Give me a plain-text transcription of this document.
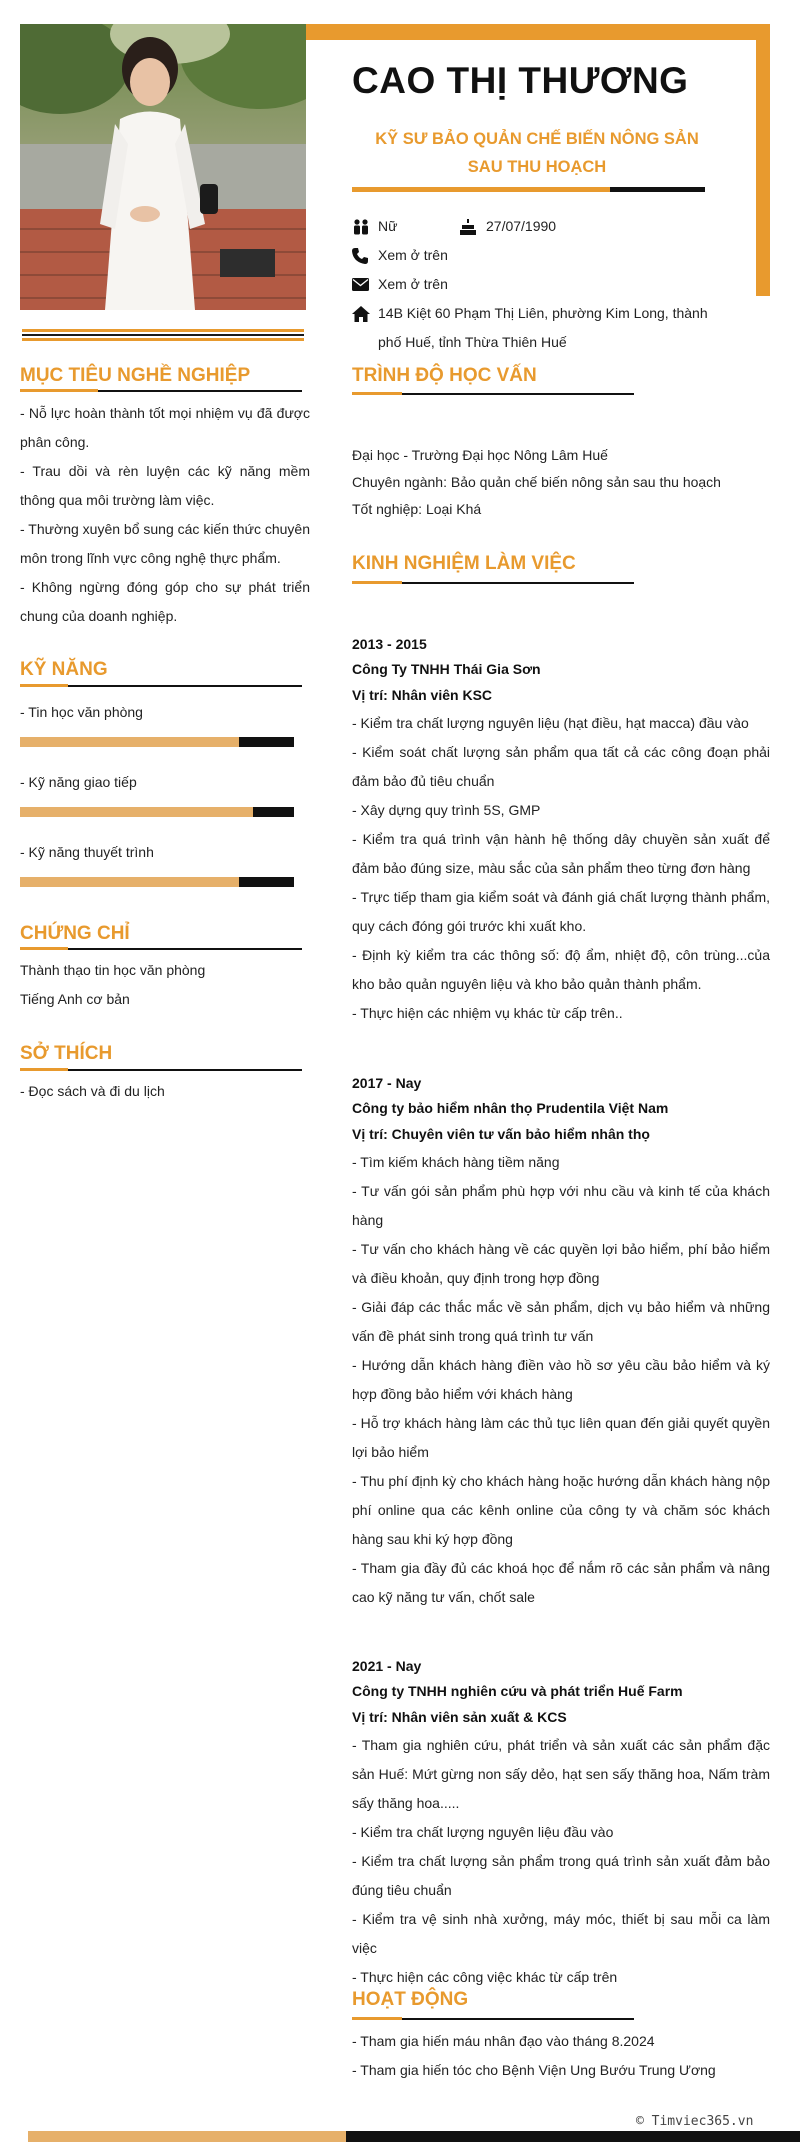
CAO THỊ THƯƠNG
KỸ SƯ BẢO QUẢN CHẾ BIẾN NÔNG SẢN
SAU THU HOẠCH
Nữ	27/07/1990
Xem ở trên
Xem ở trên
14B Kiệt 60 Phạm Thị Liên, phường Kim Long, thành
phố Huế, tỉnh Thừa Thiên Huế
MỤC TIÊU NGHỀ NGHIỆP
- Nỗ lực hoàn thành tốt mọi nhiệm vụ đã được phân công.
- Trau dồi và rèn luyện các kỹ năng mềm thông qua môi trường làm việc.
- Thường xuyên bổ sung các kiến thức chuyên môn trong lĩnh vực công nghệ thực phẩm.
- Không ngừng đóng góp cho sự phát triển chung của doanh nghiệp.
KỸ NĂNG
- Tin học văn phòng
- Kỹ năng giao tiếp
- Kỹ năng thuyết trình
CHỨNG CHỈ
Thành thạo tin học văn phòng
Tiếng Anh cơ bản
SỞ THÍCH
- Đọc sách và đi du lịch
TRÌNH ĐỘ HỌC VẤN
Đại học - Trường Đại học Nông Lâm Huế
Chuyên ngành: Bảo quản chế biến nông sản sau thu hoạch
Tốt nghiệp: Loại Khá
KINH NGHIỆM LÀM VIỆC
2013 - 2015
Công Ty TNHH Thái Gia Sơn
Vị trí: Nhân viên KSC
- Kiểm tra chất lượng nguyên liệu (hạt điều, hạt macca) đầu vào
- Kiểm soát chất lượng sản phẩm qua tất cả các công đoạn phải đảm bảo đủ tiêu chuẩn
- Xây dựng quy trình 5S, GMP
- Kiểm tra quá trình vận hành hệ thống dây chuyền sản xuất để đảm bảo đúng size, màu sắc của sản phẩm theo từng đơn hàng
- Trực tiếp tham gia kiểm soát và đánh giá chất lượng thành phẩm, quy cách đóng gói trước khi xuất kho.
- Định kỳ kiểm tra các thông số: độ ẩm, nhiệt độ, côn trùng...của kho bảo quản nguyên liệu và kho bảo quản thành phẩm.
- Thực hiện các nhiệm vụ khác từ cấp trên..
2017 - Nay
Công ty bảo hiểm nhân thọ Prudentila Việt Nam
Vị trí: Chuyên viên tư vấn bảo hiểm nhân thọ
- Tìm kiếm khách hàng tiềm năng
- Tư vấn gói sản phẩm phù hợp với nhu cầu và kinh tế của khách hàng
- Tư vấn cho khách hàng về các quyền lợi bảo hiểm, phí bảo hiểm và điều khoản, quy định trong hợp đồng
- Giải đáp các thắc mắc về sản phẩm, dịch vụ bảo hiểm và những vấn đề phát sinh trong quá trình tư vấn
- Hướng dẫn khách hàng điền vào hồ sơ yêu cầu bảo hiểm và ký hợp đồng bảo hiểm với khách hàng
- Hỗ trợ khách hàng làm các thủ tục liên quan đến giải quyết quyền lợi bảo hiểm
- Thu phí định kỳ cho khách hàng hoặc hướng dẫn khách hàng nộp phí online qua các kênh online của công ty và chăm sóc khách hàng sau khi ký hợp đồng
- Tham gia đầy đủ các khoá học để nắm rõ các sản phẩm và nâng cao kỹ năng tư vấn, chốt sale
2021 - Nay
Công ty TNHH nghiên cứu và phát triển Huế Farm
Vị trí: Nhân viên sản xuất & KCS
- Tham gia nghiên cứu, phát triển và sản xuất các sản phẩm đặc sản Huế: Mứt gừng non sấy dẻo, hạt sen sấy thăng hoa, Nấm tràm sấy thăng hoa.....
- Kiểm tra chất lượng nguyên liệu đầu vào
- Kiểm tra chất lượng sản phẩm trong quá trình sản xuất đảm bảo đúng tiêu chuẩn
- Kiểm tra vệ sinh nhà xưởng, máy móc, thiết bị sau mỗi ca làm việc
- Thực hiện các công việc khác từ cấp trên
HOẠT ĐỘNG
- Tham gia hiến máu nhân đạo vào tháng 8.2024
- Tham gia hiến tóc cho Bệnh Viện Ung Bướu Trung Ương
© Timviec365.vn
